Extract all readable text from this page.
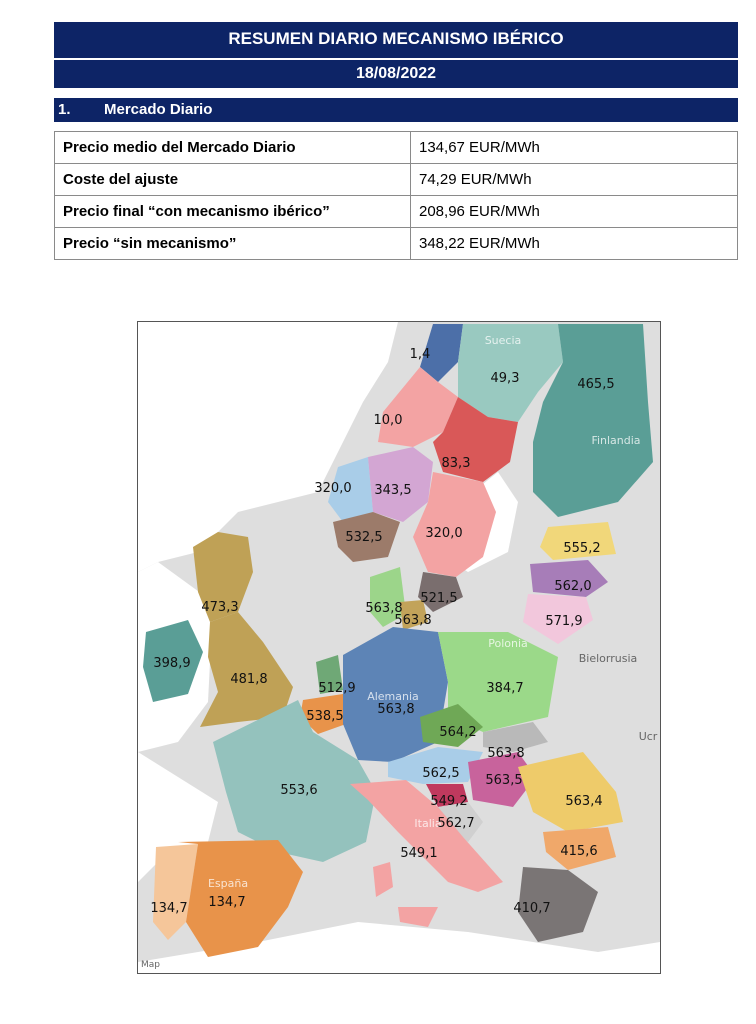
RESUMEN DIARIO MECANISMO IBÉRICO
18/08/2022
1. Mercado Diario
Precio medio del Mercado Diario	134,67 EUR/MWh
Coste del ajuste	74,29 EUR/MWh
Precio final “con mecanismo ibérico”	208,96 EUR/MWh
Precio “sin mecanismo”	348,22 EUR/MWh
Suecia
Finlandia
Alemania
Polonia
Italia
España
Bielorrusia
Ucr
1,4
49,3	465,5
10,0
83,3
320,0 343,5
532,5	320,0
555,2
473,3
562,0
563,8
521,5
563,8	571,9
398,9
481,8
512,9	384,7
538,5	563,8
564,2
563,8
553,6
562,5 563,5
563,4
549,2
562,7
549,1	415,6
134,7 134,7	410,7
Map
